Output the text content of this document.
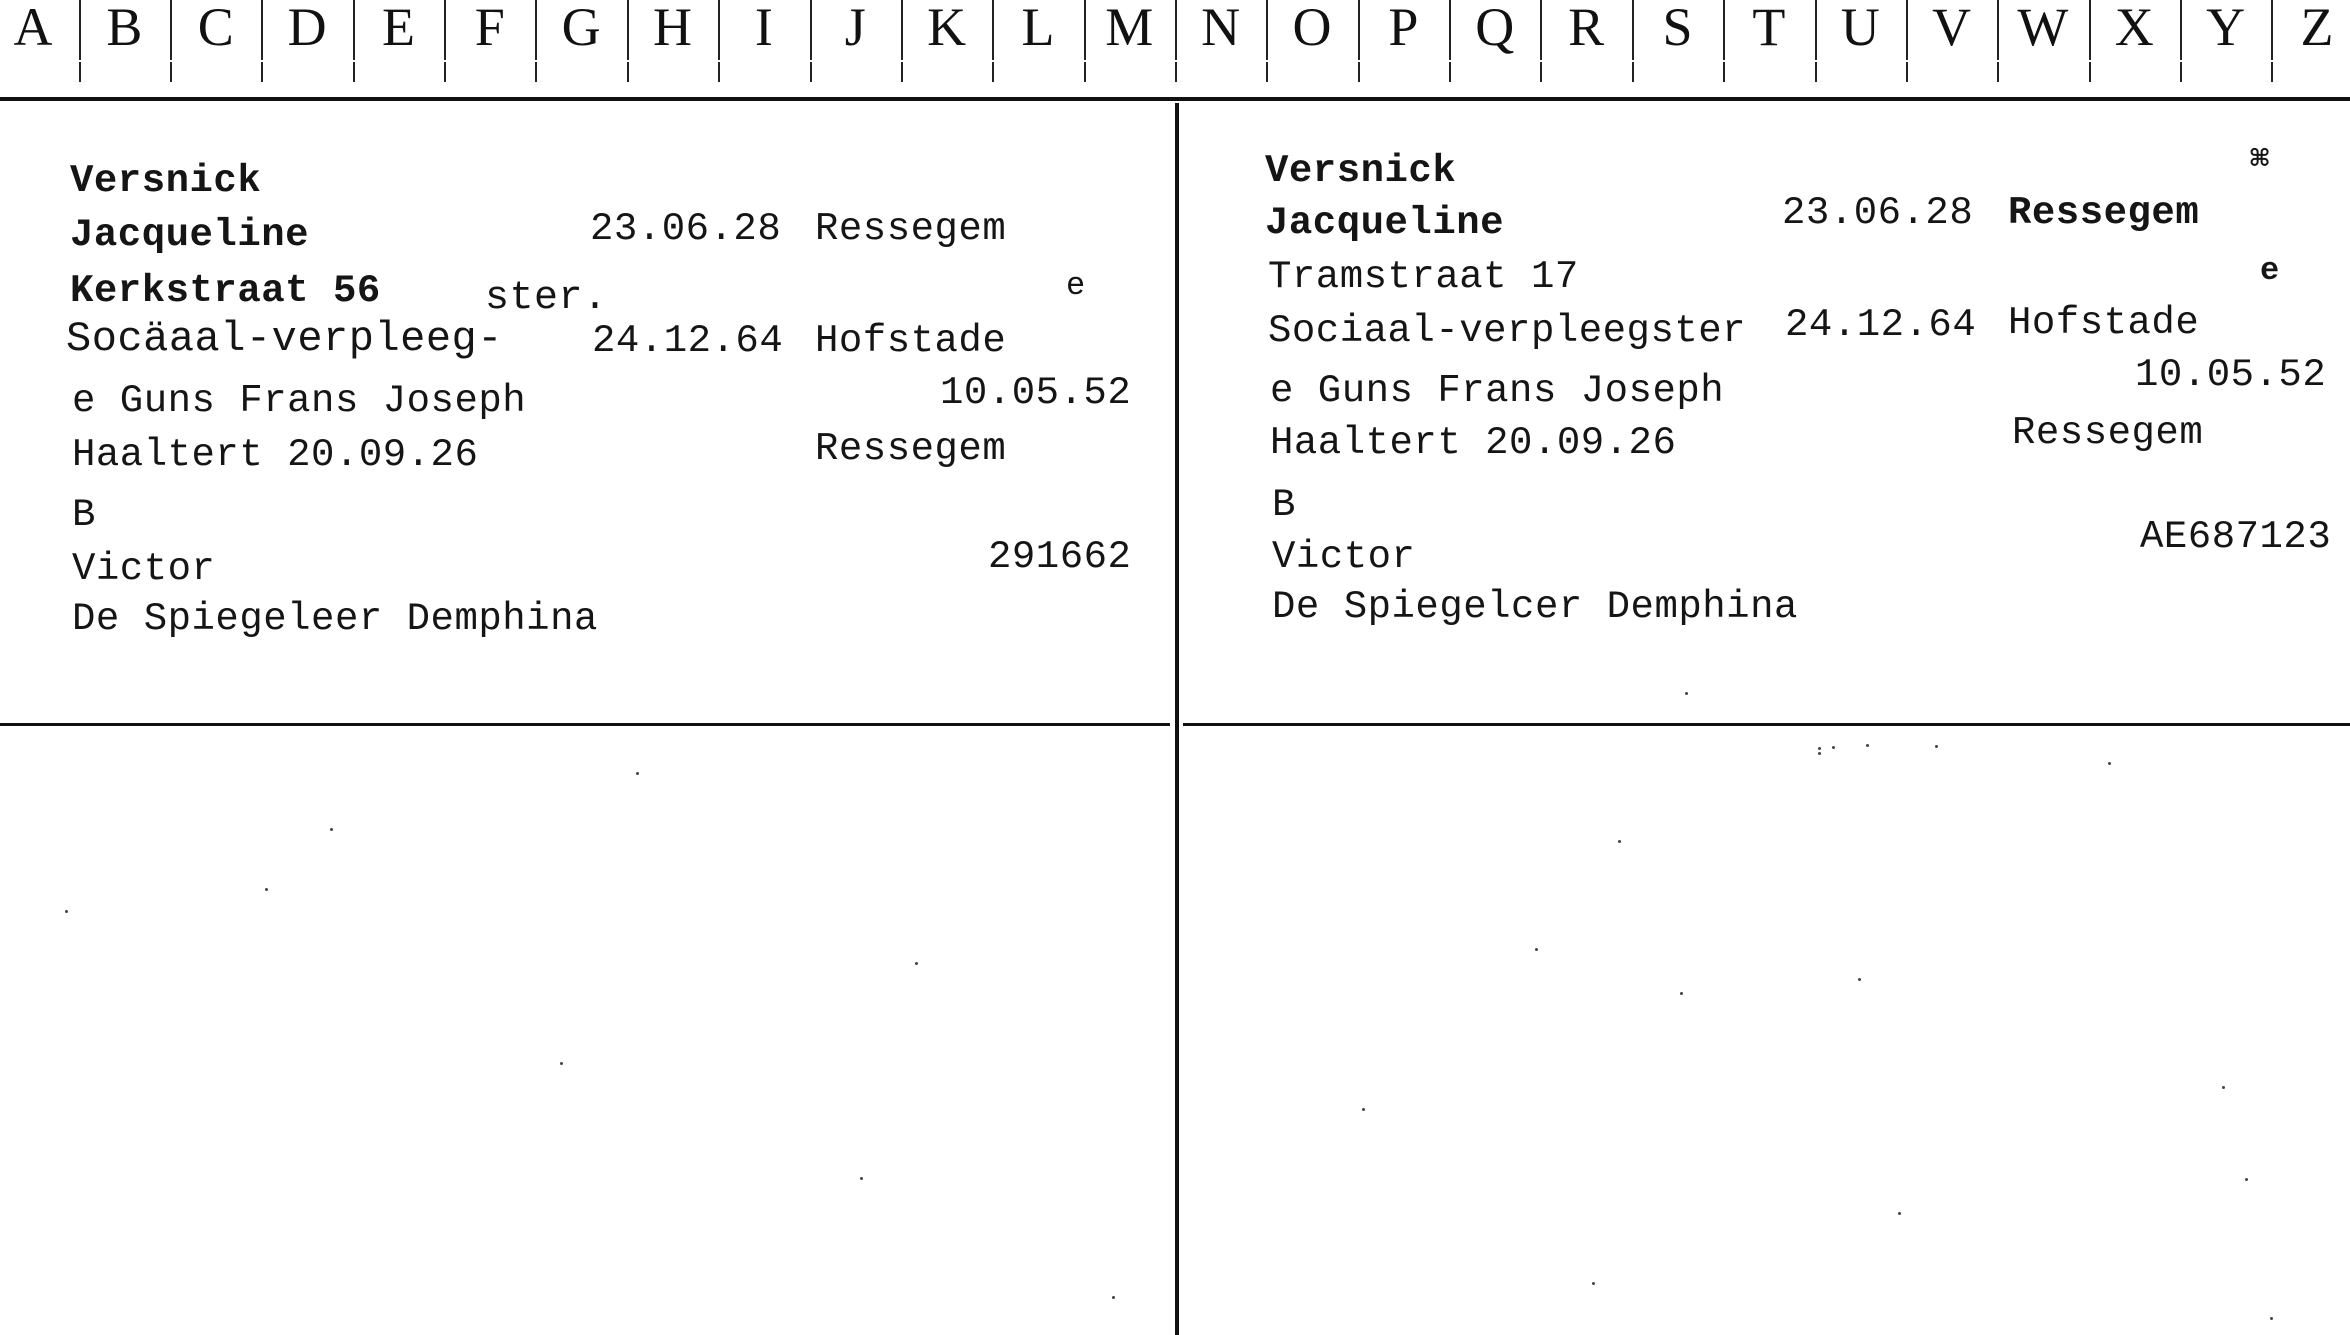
A B C D E F G H I J K L M N O P Q R S T U V W X Y Z
Versnick
Jacqueline	23.06.28 Ressegem
Kerkstraat 56	ster.	e
Socäaal-verpleeg- 24.12.64 Hofstade
e Guns Frans Joseph	10.05.52
Haaltert 20.09.26	Ressegem
B
Victor	291662
De Spiegeleer Demphina
Versnick	⌘
Jacqueline	23.06.28 Ressegem
Tramstraat 17	e
Sociaal-verpleegster 24.12.64 Hofstade
e Guns Frans Joseph	10.05.52
Haaltert 20.09.26	Ressegem
B
Victor	AE687123
De Spiegelcer Demphina
